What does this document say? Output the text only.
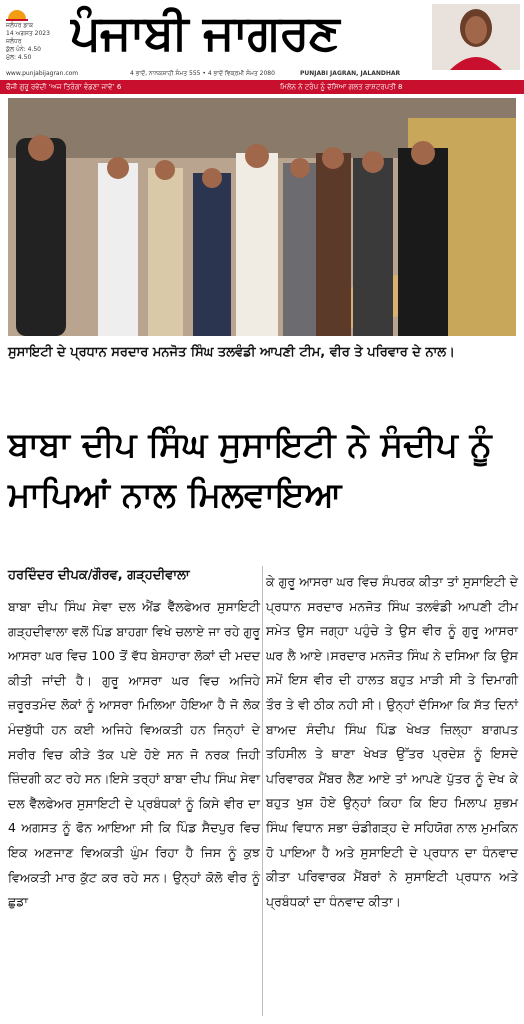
ਜਲੰਧਰ ਡਾਕ
14 ਅਗਸਤ 2023
ਜਲੰਧਰ
ਕੁੱਲ ਪੰਨੇ: 4.50
ਮੁੱਲ: 4.50 ਪੰਜਾਬੀ ਜਾਗਰਣ
www.punjabijagran.com	4 ਭਾਦੋਂ, ਨਾਨਕਸ਼ਾਹੀ ਸੰਮਤ 555 • 4 ਭਾਦੋਂ ਵਿਕ੍ਰਮੀ ਸੰਮਤ 2080	PUNJABI JAGRAN, JALANDHAR
ਫੌਜੀ ਗੁਰੂ ਰਵੇਦੀ ‘ਅਜ ਤਿਰੰਗਾ ਵੰਡਣਾ ਜਾਵੇ’ 6	ਮਿਲੇਨ ਨੇ ਟਰੰਪ ਨੂੰ ਦੱਸਿਆ ਗਲਤ ਰਾਸ਼ਟਰਪਤੀ 8
ਸੁਸਾਇਟੀ ਦੇ ਪ੍ਰਧਾਨ ਸਰਦਾਰ ਮਨਜੋਤ ਸਿੰਘ ਤਲਵੰਡੀ ਆਪਣੀ ਟੀਮ, ਵੀਰ ਤੇ ਪਰਿਵਾਰ ਦੇ ਨਾਲ।
ਬਾਬਾ ਦੀਪ ਸਿੰਘ ਸੁਸਾਇਟੀ ਨੇ ਸੰਦੀਪ ਨੂੰ ਮਾਪਿਆਂ ਨਾਲ ਮਿਲਵਾਇਆ
ਹਰਦਿੰਦਰ ਦੀਪਕ/ਗੌਰਵ, ਗੜ੍ਹਦੀਵਾਲਾ
ਬਾਬਾ ਦੀਪ ਸਿੰਘ ਸੇਵਾ ਦਲ ਐਂਡ ਵੈੱਲਫੇਅਰ ਸੁਸਾਇਟੀ ਗੜ੍ਹਦੀਵਾਲਾ ਵਲੋਂ ਪਿੰਡ ਬਾਹਗਾ ਵਿਖੇ ਚਲਾਏ ਜਾ ਰਹੇ ਗੁਰੂ ਆਸਰਾ ਘਰ ਵਿਚ 100 ਤੋਂ ਵੱਧ ਬੇਸਹਾਰਾ ਲੋਕਾਂ ਦੀ ਮਦਦ ਕੀਤੀ ਜਾਂਦੀ ਹੈ। ਗੁਰੂ ਆਸਰਾ ਘਰ ਵਿਚ ਅਜਿਹੇ ਜ਼ਰੂਰਤਮੰਦ ਲੋਕਾਂ ਨੂੰ ਆਸਰਾ ਮਿਲਿਆ ਹੋਇਆ ਹੈ ਜੋ ਲੋਕ ਮੰਦਬੁੱਧੀ ਹਨ ਕਈ ਅਜਿਹੇ ਵਿਅਕਤੀ ਹਨ ਜਿਨ੍ਹਾਂ ਦੇ ਸਰੀਰ ਵਿਚ ਕੀੜੇ ਤੱਕ ਪਏ ਹੋਏ ਸਨ ਜੋ ਨਰਕ ਜਿਹੀ ਜ਼ਿੰਦਗੀ ਕਟ ਰਹੇ ਸਨ।ਇਸੇ ਤਰ੍ਹਾਂ ਬਾਬਾ ਦੀਪ ਸਿੰਘ ਸੇਵਾ ਦਲ ਵੈੱਲਫੇਅਰ ਸੁਸਾਇਟੀ ਦੇ ਪ੍ਰਬੰਧਕਾਂ ਨੂੰ ਕਿਸੇ ਵੀਰ ਦਾ 4 ਅਗਸਤ ਨੂੰ ਫੋਨ ਆਇਆ ਸੀ ਕਿ ਪਿੰਡ ਸੈਦਪੁਰ ਵਿਚ ਇਕ ਅਣਜਾਣ ਵਿਅਕਤੀ ਘੁੰਮ ਰਿਹਾ ਹੈ ਜਿਸ ਨੂੰ ਕੁਝ ਵਿਅਕਤੀ ਮਾਰ ਕੁੱਟ ਕਰ ਰਹੇ ਸਨ। ਉਨ੍ਹਾਂ ਕੋਲੋ ਵੀਰ ਨੂੰ ਛੁਡਾ
ਕੇ ਗੁਰੂ ਆਸਰਾ ਘਰ ਵਿਚ ਸੰਪਰਕ ਕੀਤਾ ਤਾਂ ਸੁਸਾਇਟੀ ਦੇ ਪ੍ਰਧਾਨ ਸਰਦਾਰ ਮਨਜੋਤ ਸਿੰਘ ਤਲਵੰਡੀ ਆਪਣੀ ਟੀਮ ਸਮੇਤ ਉਸ ਜਗ੍ਹਾ ਪਹੁੰਚੇ ਤੇ ਉਸ ਵੀਰ ਨੂੰ ਗੁਰੂ ਆਸਰਾ ਘਰ ਲੈ ਆਏ।ਸਰਦਾਰ ਮਨਜੋਤ ਸਿੰਘ ਨੇ ਦਸਿਆ ਕਿ ਉਸ ਸਮੇਂ ਇਸ ਵੀਰ ਦੀ ਹਾਲਤ ਬਹੁਤ ਮਾੜੀ ਸੀ ਤੇ ਦਿਮਾਗੀ ਤੌਰ ਤੇ ਵੀ ਠੀਕ ਨਹੀ ਸੀ। ਉਨ੍ਹਾਂ ਦੱਸਿਆ ਕਿ ਸੱਤ ਦਿਨਾਂ ਬਾਅਦ ਸੰਦੀਪ ਸਿੰਘ ਪਿੰਡ ਖੇਖੜ ਜ਼ਿਲ੍ਹਾ ਬਾਗਪਤ ਤਹਿਸੀਲ ਤੇ ਥਾਣਾ ਖੇਖੜ ਉੱਤਰ ਪ੍ਰਦੇਸ਼ ਨੂੰ ਇਸਦੇ ਪਰਿਵਾਰਕ ਮੈਂਬਰ ਲੈਣ ਆਏ ਤਾਂ ਆਪਣੇ ਪੁੱਤਰ ਨੂੰ ਦੇਖ ਕੇ ਬਹੁਤ ਖੁਸ਼ ਹੋਏ ਉਨ੍ਹਾਂ ਕਿਹਾ ਕਿ ਇਹ ਮਿਲਾਪ ਸ਼ੁਭਮ ਸਿੰਘ ਵਿਧਾਨ ਸਭਾ ਚੰਡੀਗੜ੍ਹ ਦੇ ਸਹਿਯੋਗ ਨਾਲ ਮੁਮਕਿਨ ਹੋ ਪਾਇਆ ਹੈ ਅਤੇ ਸੁਸਾਇਟੀ ਦੇ ਪ੍ਰਧਾਨ ਦਾ ਧੰਨਵਾਦ ਕੀਤਾ ਪਰਿਵਾਰਕ ਮੈਂਬਰਾਂ ਨੇ ਸੁਸਾਇਟੀ ਪ੍ਰਧਾਨ ਅਤੇ ਪ੍ਰਬੰਧਕਾਂ ਦਾ ਧੰਨਵਾਦ ਕੀਤਾ।
